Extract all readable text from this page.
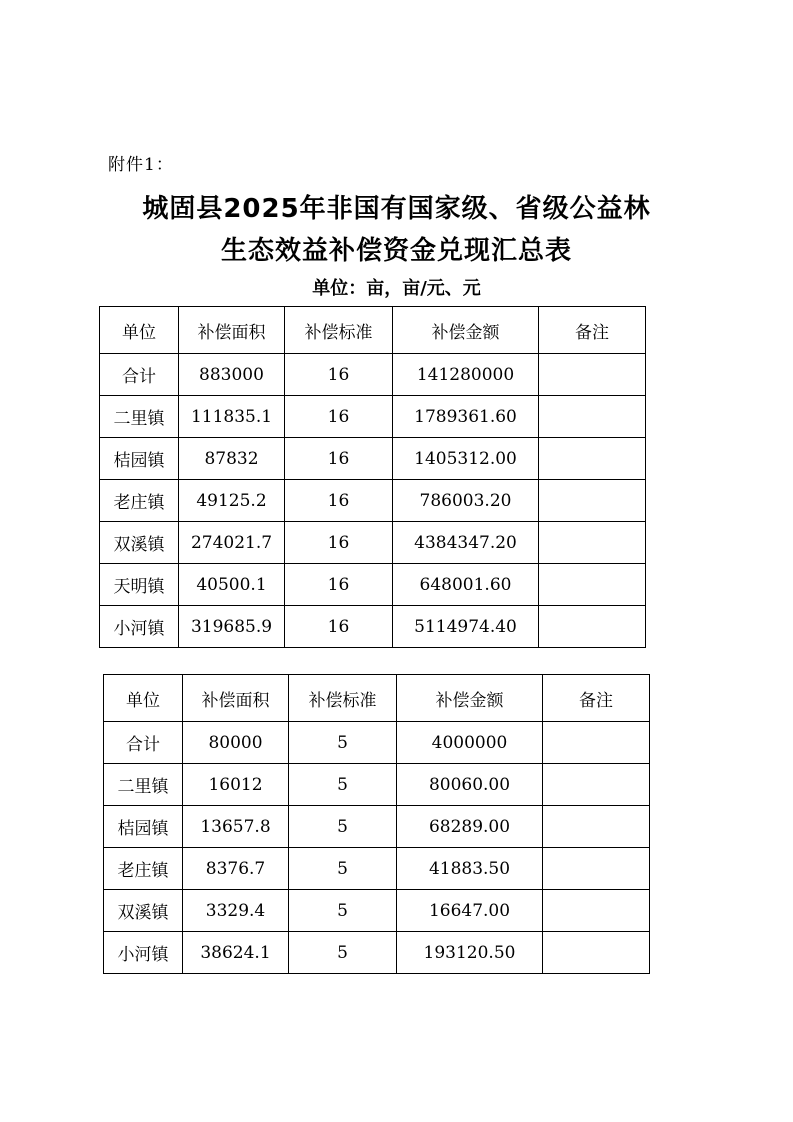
附件1：
城固县2025年非国有国家级、省级公益林
生态效益补偿资金兑现汇总表
单位：亩，亩/元、元
单位	补偿面积	补偿标准	补偿金额	备注
合计	883000	16	141280000	
二里镇	111835.1	16	1789361.60	
桔园镇	87832	16	1405312.00	
老庄镇	49125.2	16	786003.20	
双溪镇	274021.7	16	4384347.20	
天明镇	40500.1	16	648001.60	
小河镇	319685.9	16	5114974.40	
单位	补偿面积	补偿标准	补偿金额	备注
合计	80000	5	4000000	
二里镇	16012	5	80060.00	
桔园镇	13657.8	5	68289.00	
老庄镇	8376.7	5	41883.50	
双溪镇	3329.4	5	16647.00	
小河镇	38624.1	5	193120.50	
